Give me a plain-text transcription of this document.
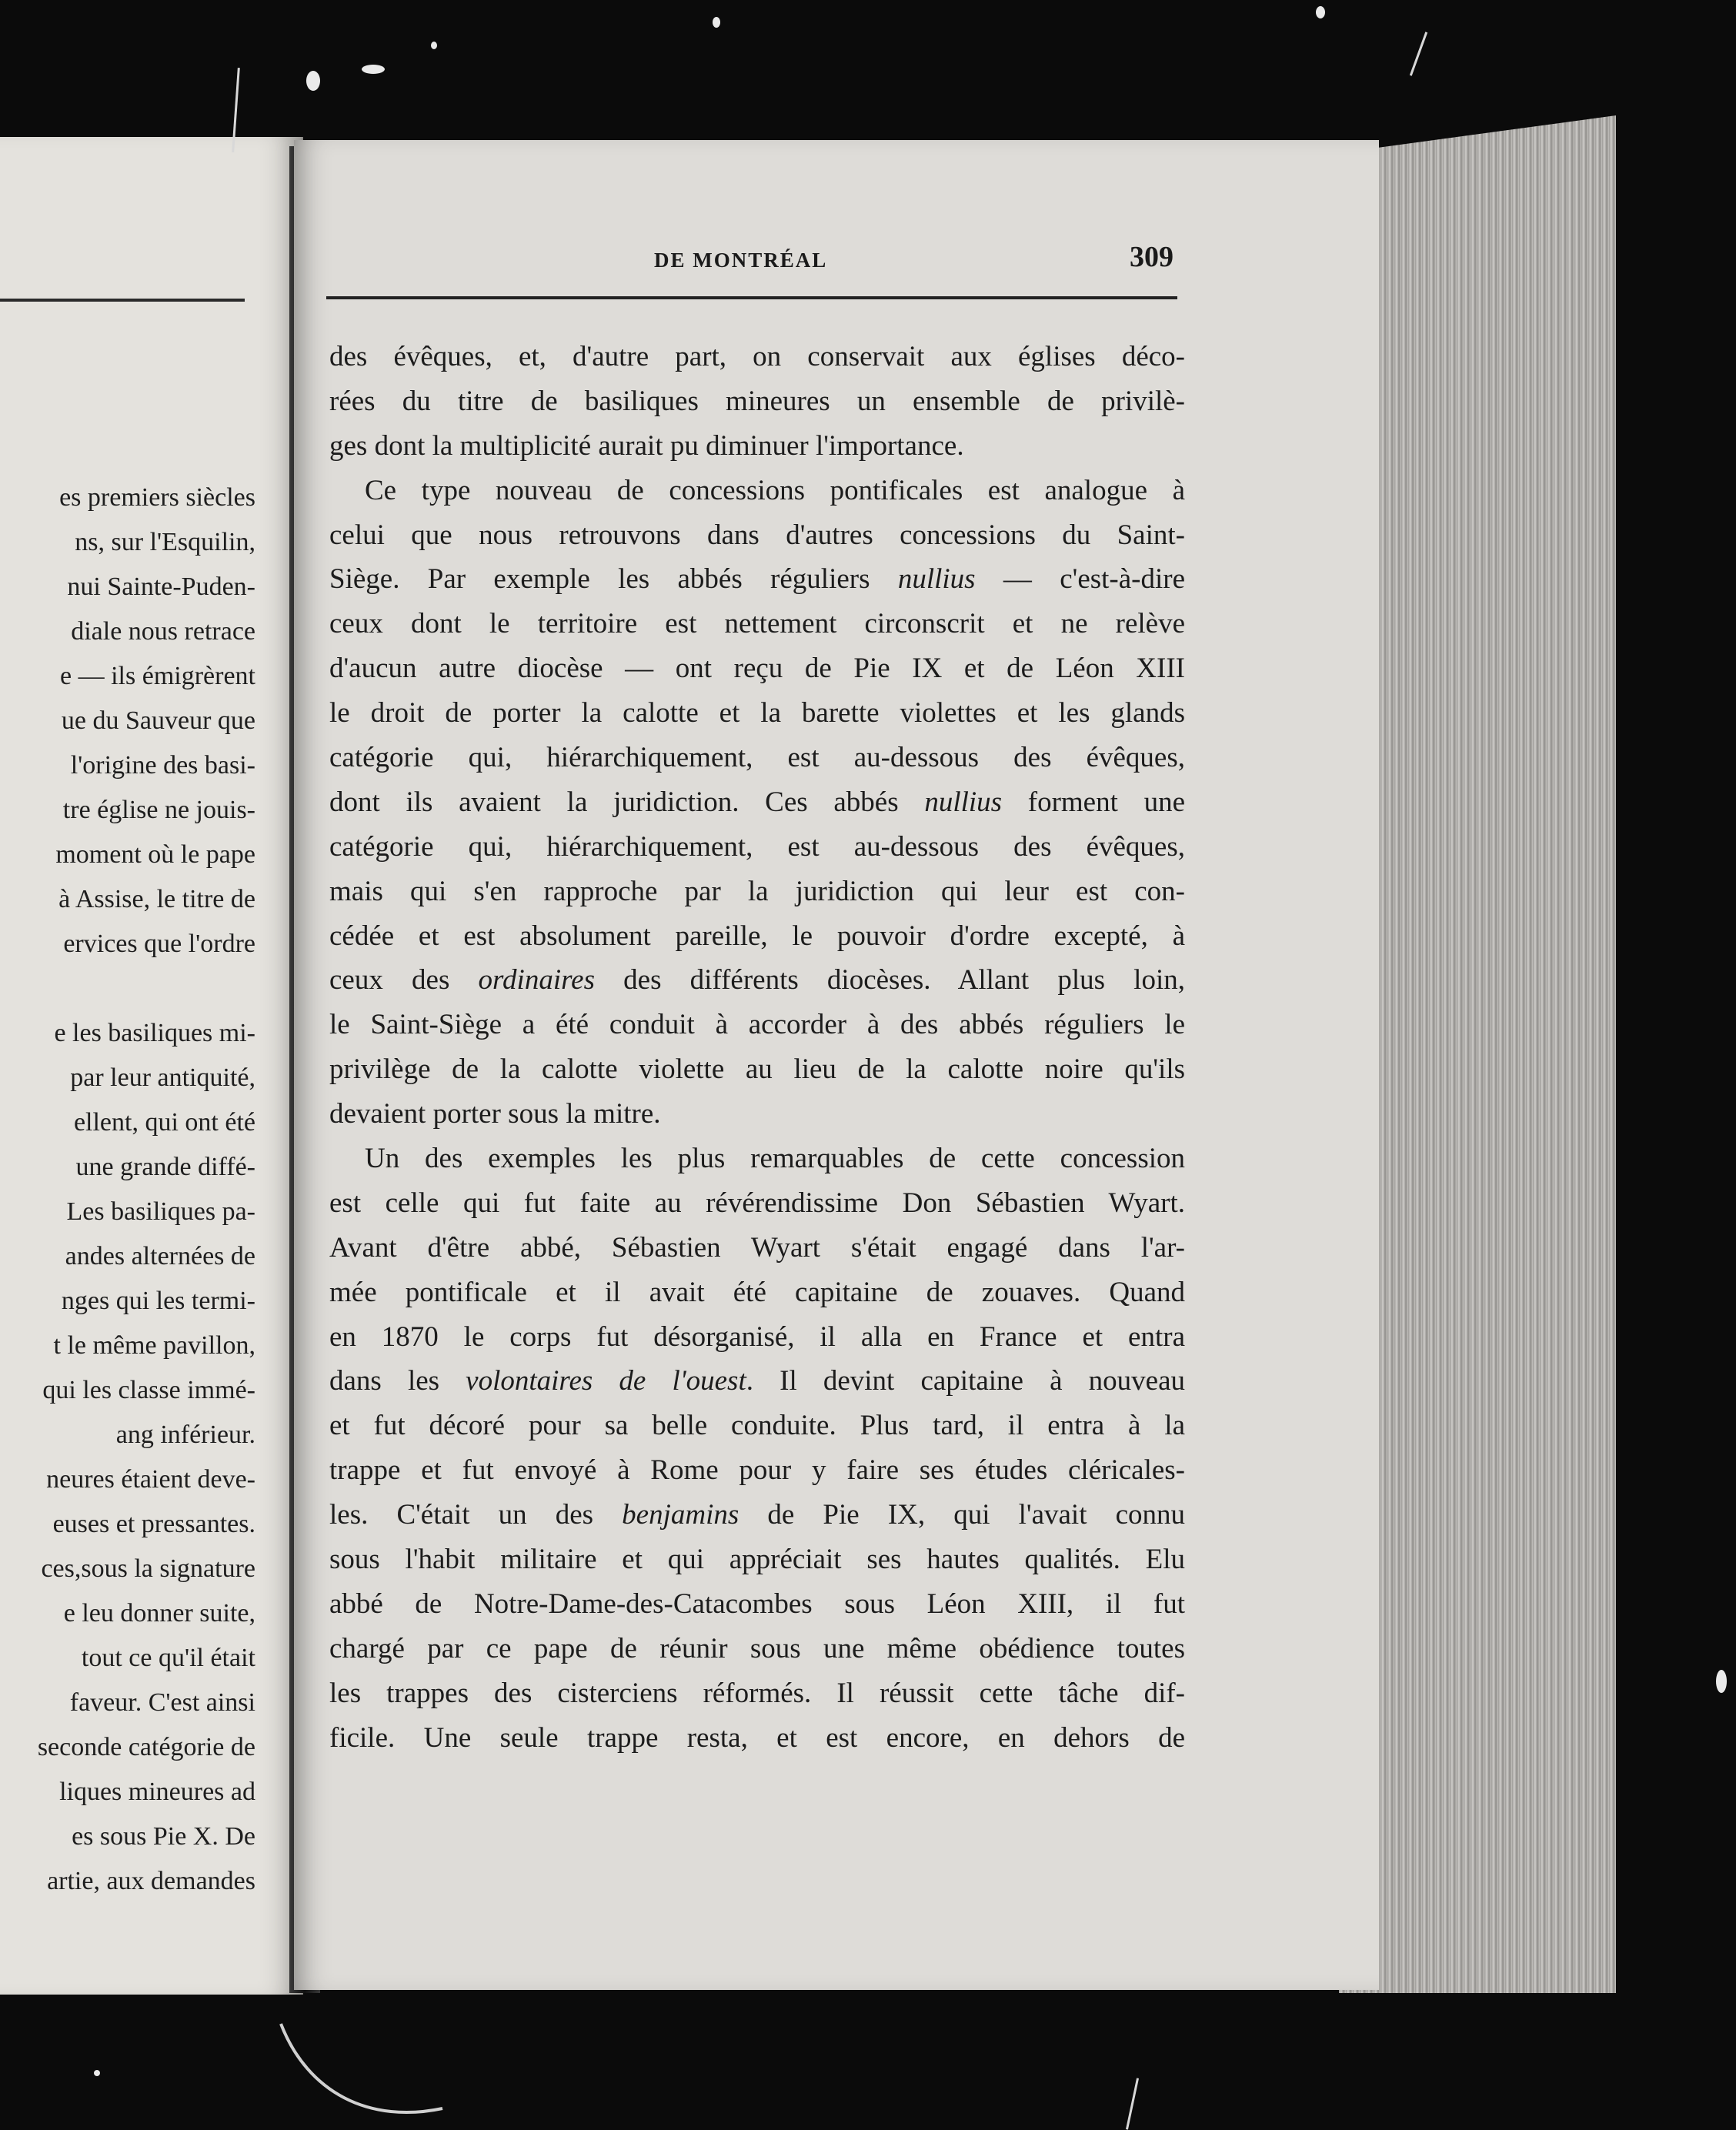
es premiers siècles
ns, sur l'Esquilin,
nui Sainte-Puden-
diale nous retrace
e — ils émigrèrent
ue du Sauveur que
l'origine des basi-
tre église ne jouis-
moment où le pape
à Assise, le titre de
ervices que l'ordre
e les basiliques mi-
par leur antiquité,
ellent, qui ont été
une grande diffé-
Les basiliques pa-
andes alternées de
nges qui les termi-
t le même pavillon,
qui les classe immé-
ang inférieur.
neures étaient deve-
euses et pressantes.
ces,sous la signature
e leu donner suite,
tout ce qu'il était
faveur. C'est ainsi
seconde catégorie de
liques mineures ad
es sous Pie X. De
artie, aux demandes
DE MONTRÉAL	309
des évêques, et, d'autre part, on conservait aux églises déco-
rées du titre de basiliques mineures un ensemble de privilè-
ges dont la multiplicité aurait pu diminuer l'importance.
Ce type nouveau de concessions pontificales est analogue à
celui que nous retrouvons dans d'autres concessions du Saint-
Siège. Par exemple les abbés réguliers nullius — c'est-à-dire
ceux dont le territoire est nettement circonscrit et ne relève
d'aucun autre diocèse — ont reçu de Pie IX et de Léon XIII
le droit de porter la calotte et la barette violettes et les glands
catégorie qui, hiérarchiquement, est au-dessous des évêques,
dont ils avaient la juridiction. Ces abbés nullius forment une
catégorie qui, hiérarchiquement, est au-dessous des évêques,
mais qui s'en rapproche par la juridiction qui leur est con-
cédée et est absolument pareille, le pouvoir d'ordre excepté, à
ceux des ordinaires des différents diocèses. Allant plus loin,
le Saint-Siège a été conduit à accorder à des abbés réguliers le
privilège de la calotte violette au lieu de la calotte noire qu'ils
devaient porter sous la mitre.
Un des exemples les plus remarquables de cette concession
est celle qui fut faite au révérendissime Don Sébastien Wyart.
Avant d'être abbé, Sébastien Wyart s'était engagé dans l'ar-
mée pontificale et il avait été capitaine de zouaves. Quand
en 1870 le corps fut désorganisé, il alla en France et entra
dans les volontaires de l'ouest. Il devint capitaine à nouveau
et fut décoré pour sa belle conduite. Plus tard, il entra à la
trappe et fut envoyé à Rome pour y faire ses études cléricales-
les. C'était un des benjamins de Pie IX, qui l'avait connu
sous l'habit militaire et qui appréciait ses hautes qualités. Elu
abbé de Notre-Dame-des-Catacombes sous Léon XIII, il fut
chargé par ce pape de réunir sous une même obédience toutes
les trappes des cisterciens réformés. Il réussit cette tâche dif-
ficile. Une seule trappe resta, et est encore, en dehors de
